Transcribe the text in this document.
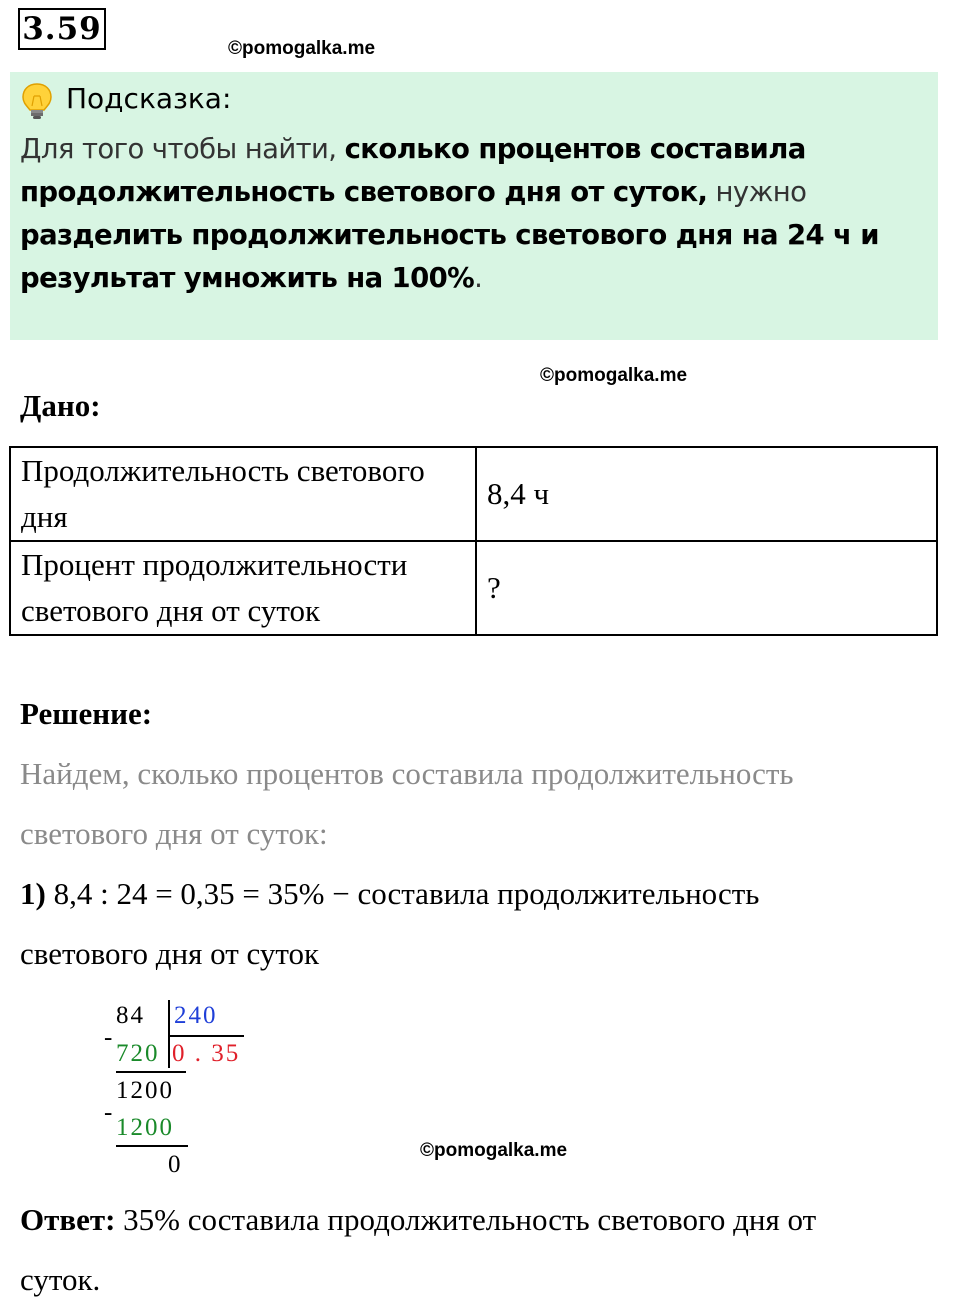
3.59
©pomogalka.me
Подсказка:
Для того чтобы найти, сколько процентов составила продолжительность светового дня от суток, нужно разделить продолжительность светового дня на 24 ч и результат умножить на 100%.
©pomogalka.me
Дано:
Продолжительность светового дня	8,4 ч
Процент продолжительности светового дня от суток	?
Решение:
Найдем, сколько процентов составила продолжительность
светового дня от суток:
1) 8,4 : 24 = 0,35 = 35% − составила продолжительность
светового дня от суток
84 240
-
720 0 . 35
1200
-
1200
0
©pomogalka.me
Ответ: 35% составила продолжительность светового дня от
суток.
